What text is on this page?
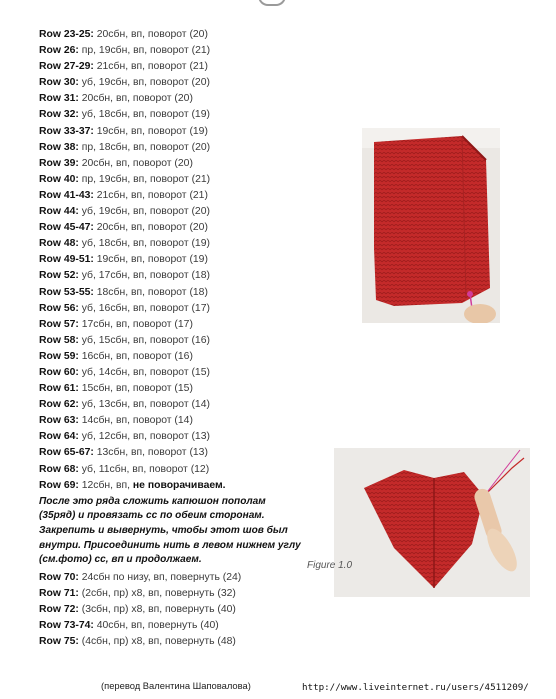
Row 23-25: 20сбн, вп, поворот (20)
Row 26: пр, 19сбн, вп, поворот (21)
Row 27-29: 21сбн, вп, поворот (21)
Row 30: уб, 19сбн, вп, поворот (20)
Row 31: 20сбн, вп, поворот (20)
Row 32: уб, 18сбн, вп, поворот (19)
Row 33-37: 19сбн, вп, поворот (19)
Row 38: пр, 18сбн, вп, поворот (20)
Row 39: 20сбн, вп, поворот (20)
Row 40: пр, 19сбн, вп, поворот (21)
Row 41-43: 21сбн, вп, поворот (21)
Row 44: уб, 19сбн, вп, поворот (20)
Row 45-47: 20сбн, вп, поворот (20)
Row 48: уб, 18сбн, вп, поворот (19)
Row 49-51: 19сбн, вп, поворот (19)
Row 52: уб, 17сбн, вп, поворот (18)
Row 53-55: 18сбн, вп, поворот (18)
Row 56: уб, 16сбн, вп, поворот (17)
Row 57: 17сбн, вп, поворот (17)
Row 58: уб, 15сбн, вп, поворот (16)
Row 59: 16сбн, вп, поворот (16)
Row 60: уб, 14сбн, вп, поворот (15)
Row 61: 15сбн, вп, поворот (15)
Row 62: уб, 13сбн, вп, поворот (14)
Row 63: 14сбн, вп, поворот (14)
Row 64: уб, 12сбн, вп, поворот (13)
Row 65-67: 13сбн, вп, поворот (13)
Row 68: уб, 11сбн, вп, поворот (12)
Row 69: 12сбн, вп, не поворачиваем.
После это ряда сложить капюшон пополам (35ряд) и провязать сс по обеим сторонам. Закрепить и вывернуть, чтобы этот шов был внутри. Присоединить нить в левом нижнем углу (см.фото) сс, вп и продолжаем.
Row 70: 24сбн по низу, вп, повернуть (24)
Row 71: (2сбн, пр) х8, вп, повернуть (32)
Row 72: (3сбн, пр) х8, вп, повернуть (40)
Row 73-74: 40сбн, вп, повернуть (40)
Row 75: (4сбн, пр) х8, вп, повернуть (48)
Figure 1.0
(перевод Валентина Шаповалова)	http://www.liveinternet.ru/users/4511209/
